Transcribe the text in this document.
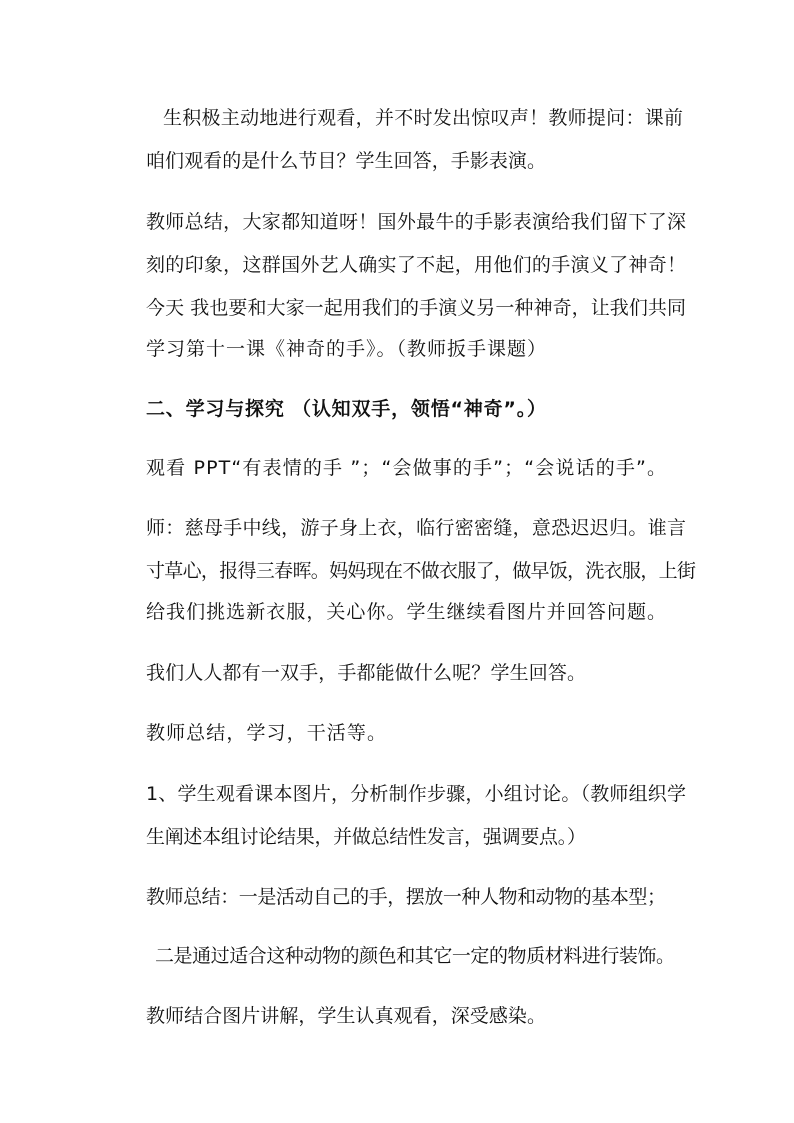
生积极主动地进行观看，并不时发出惊叹声！教师提问：课前
咱们观看的是什么节目？学生回答，手影表演。
教师总结，大家都知道呀！国外最牛的手影表演给我们留下了深
刻的印象，这群国外艺人确实了不起，用他们的手演义了神奇！
今天 我也要和大家一起用我们的手演义另一种神奇，让我们共同
学习第十一课《神奇的手》。（教师扳手课题）
二、学习与探究 （认知双手，领悟“神奇”。）
观看 PPT“有表情的手 ”；“会做事的手”；“会说话的手”。
师：慈母手中线，游子身上衣，临行密密缝，意恐迟迟归。谁言
寸草心，报得三春晖。妈妈现在不做衣服了，做早饭，洗衣服，上街
给我们挑选新衣服，关心你。学生继续看图片并回答问题。
我们人人都有一双手，手都能做什么呢？学生回答。
教师总结，学习，干活等。
1、学生观看课本图片，分析制作步骤，小组讨论。（教师组织学
生阐述本组讨论结果，并做总结性发言，强调要点。）
教师总结：一是活动自己的手，摆放一种人物和动物的基本型；
二是通过适合这种动物的颜色和其它一定的物质材料进行装饰。
教师结合图片讲解，学生认真观看，深受感染。
